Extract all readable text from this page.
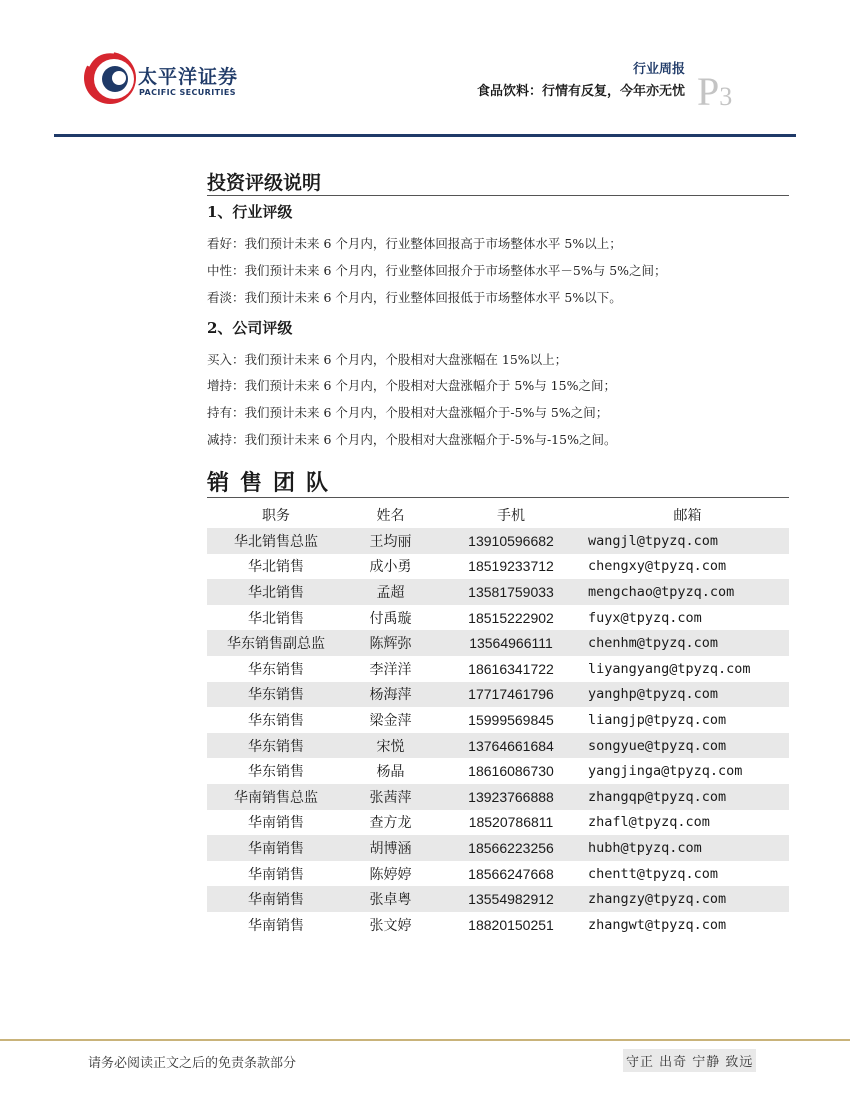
太平洋证券
PACIFIC SECURITIES
行业周报
食品饮料：行情有反复，今年亦无忧 P3
投资评级说明
1、行业评级
看好：我们预计未来 6 个月内，行业整体回报高于市场整体水平 5%以上；
中性：我们预计未来 6 个月内，行业整体回报介于市场整体水平－5%与 5%之间；
看淡：我们预计未来 6 个月内，行业整体回报低于市场整体水平 5%以下。
2、公司评级
买入：我们预计未来 6 个月内，个股相对大盘涨幅在 15%以上；
增持：我们预计未来 6 个月内，个股相对大盘涨幅介于 5%与 15%之间；
持有：我们预计未来 6 个月内，个股相对大盘涨幅介于-5%与 5%之间；
减持：我们预计未来 6 个月内，个股相对大盘涨幅介于-5%与-15%之间。
销售团队
职务	姓名	手机	邮箱
华北销售总监	王均丽	13910596682	wangjl@tpyzq.com
华北销售	成小勇	18519233712	chengxy@tpyzq.com
华北销售	孟超	13581759033	mengchao@tpyzq.com
华北销售	付禹璇	18515222902	fuyx@tpyzq.com
华东销售副总监	陈辉弥	13564966111	chenhm@tpyzq.com
华东销售	李洋洋	18616341722	liyangyang@tpyzq.com
华东销售	杨海萍	17717461796	yanghp@tpyzq.com
华东销售	梁金萍	15999569845	liangjp@tpyzq.com
华东销售	宋悦	13764661684	songyue@tpyzq.com
华东销售	杨晶	18616086730	yangjinga@tpyzq.com
华南销售总监	张茜萍	13923766888	zhangqp@tpyzq.com
华南销售	查方龙	18520786811	zhafl@tpyzq.com
华南销售	胡博涵	18566223256	hubh@tpyzq.com
华南销售	陈婷婷	18566247668	chentt@tpyzq.com
华南销售	张卓粤	13554982912	zhangzy@tpyzq.com
华南销售	张文婷	18820150251	zhangwt@tpyzq.com
请务必阅读正文之后的免责条款部分	守正 出奇 宁静 致远
